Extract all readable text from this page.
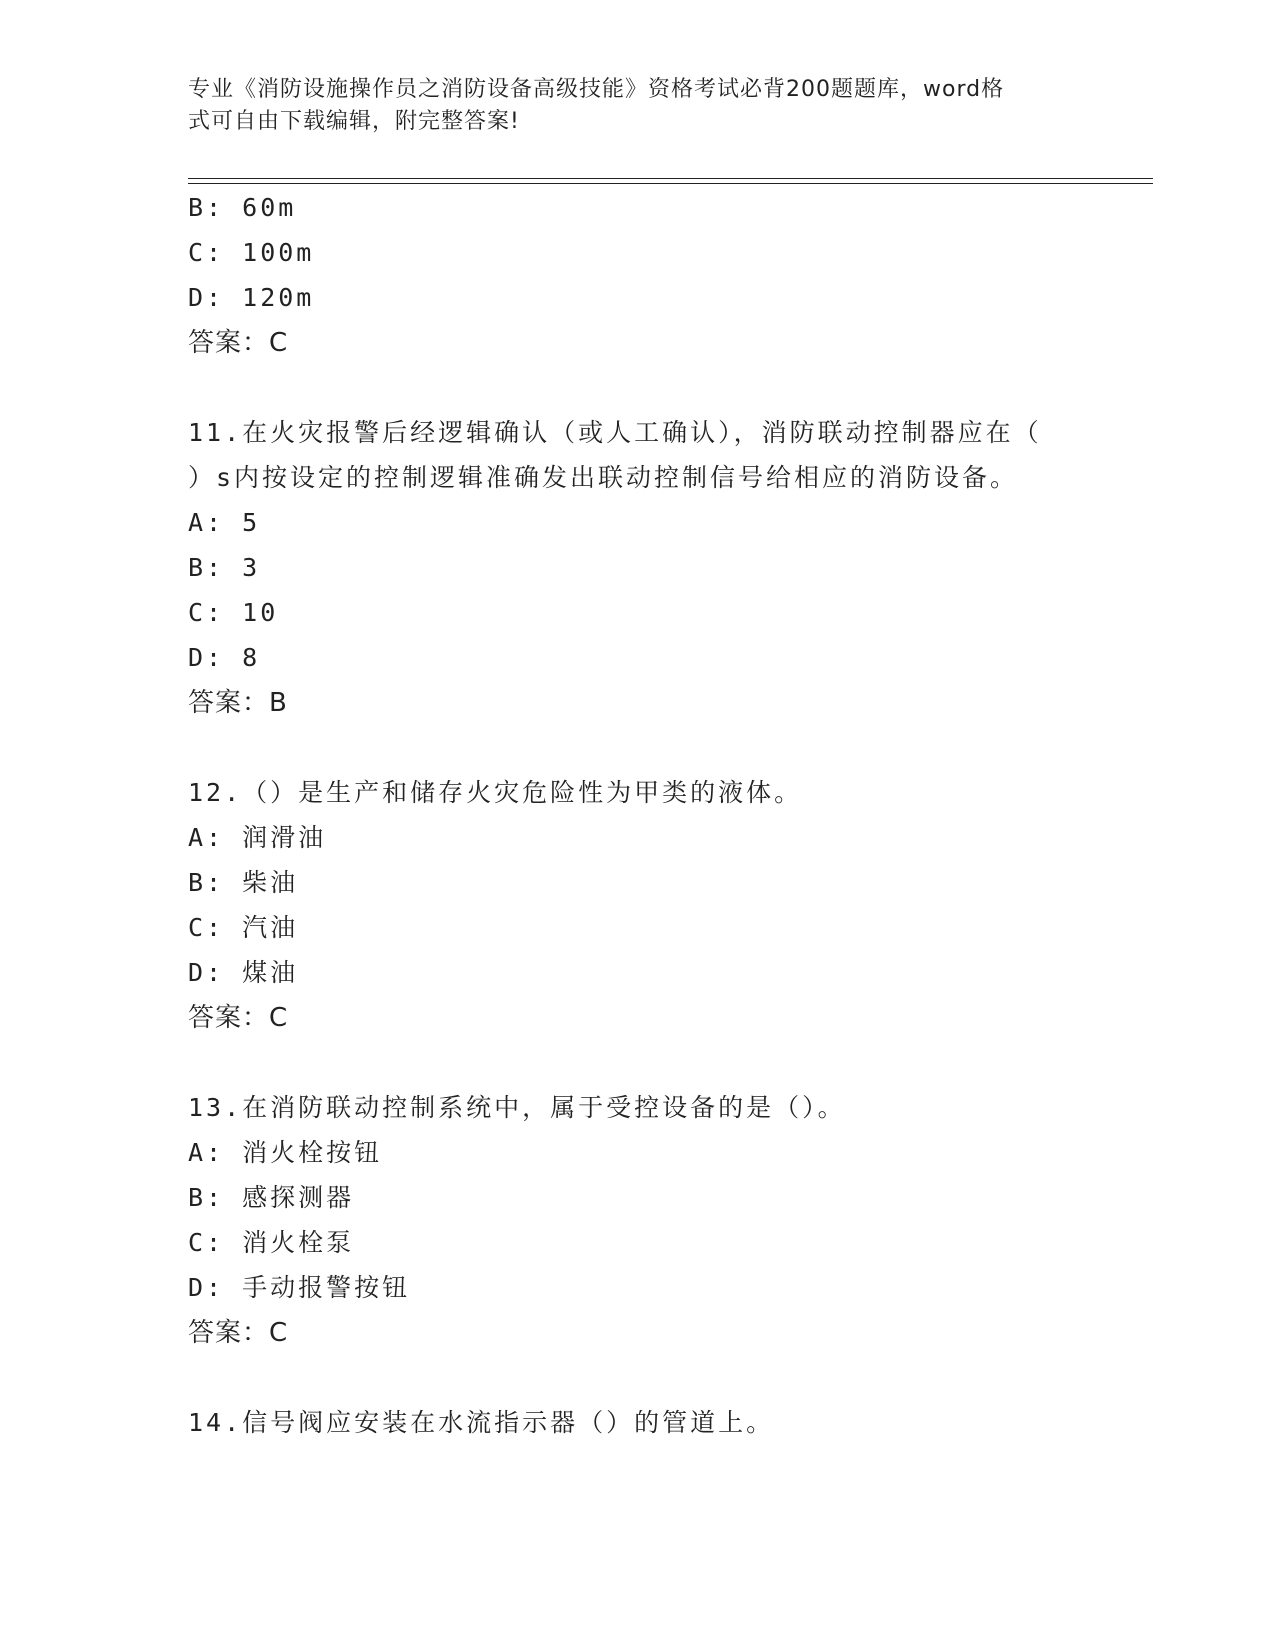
专业《消防设施操作员之消防设备高级技能》资格考试必背200题题库，word格
式可自由下载编辑，附完整答案!
B: 60m
C: 100m
D: 120m
答案：C
11.在火灾报警后经逻辑确认（或人工确认），消防联动控制器应在（
）s内按设定的控制逻辑准确发出联动控制信号给相应的消防设备。
A: 5
B: 3
C: 10
D: 8
答案：B
12.（）是生产和储存火灾危险性为甲类的液体。
A: 润滑油
B: 柴油
C: 汽油
D: 煤油
答案：C
13.在消防联动控制系统中，属于受控设备的是（）。
A: 消火栓按钮
B: 感探测器
C: 消火栓泵
D: 手动报警按钮
答案：C
14.信号阀应安装在水流指示器（）的管道上。
